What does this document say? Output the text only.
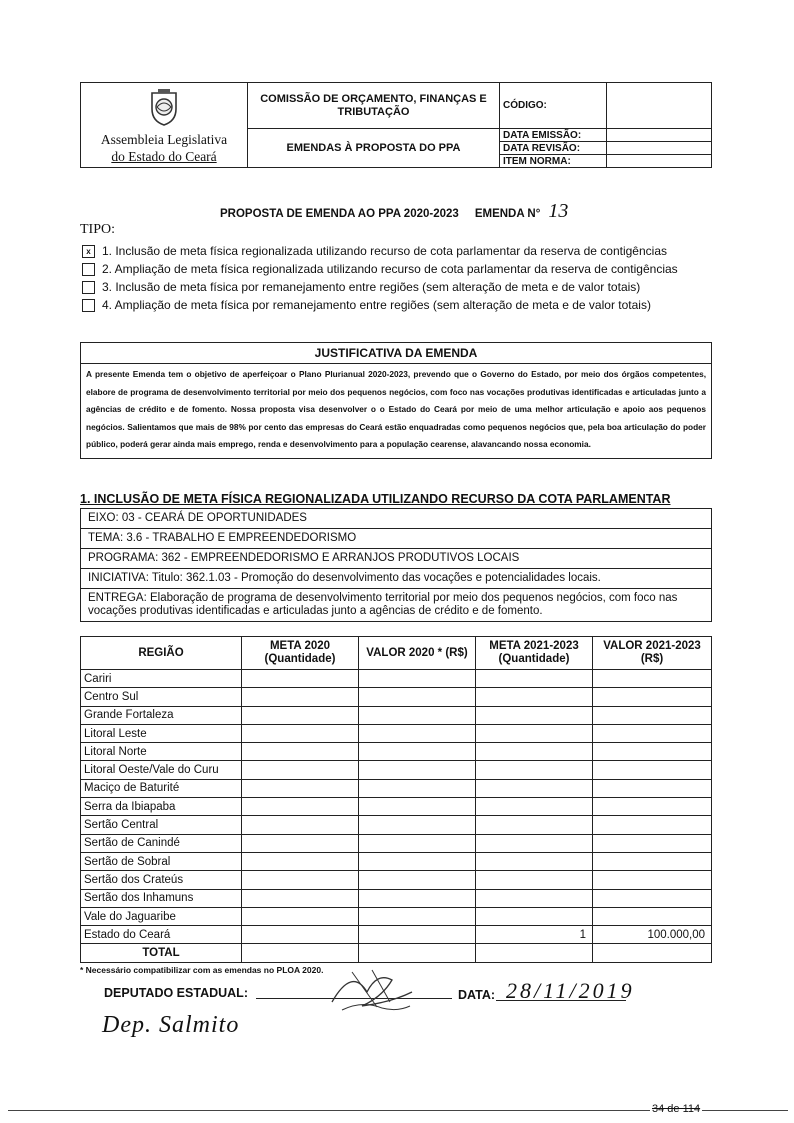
Assembleia Legislativa
do Estado do Ceará	COMISSÃO DE ORÇAMENTO, FINANÇAS E TRIBUTAÇÃO	CÓDIGO:	
	EMENDAS À PROPOSTA DO PPA	DATA EMISSÃO:	
		DATA REVISÃO:	
		ITEM NORMA:	
PROPOSTA DE EMENDA AO PPA 2020-2023 EMENDA N° 13
TIPO:
x 1. Inclusão de meta física regionalizada utilizando recurso de cota parlamentar da reserva de contigências
2. Ampliação de meta física regionalizada utilizando recurso de cota parlamentar da reserva de contigências
3. Inclusão de meta física por remanejamento entre regiões (sem alteração de meta e de valor totais)
4. Ampliação de meta física por remanejamento entre regiões (sem alteração de meta e de valor totais)
JUSTIFICATIVA DA EMENDA
A presente Emenda tem o objetivo de aperfeiçoar o Plano Plurianual 2020-2023, prevendo que o Governo do Estado, por meio dos órgãos competentes, elabore de programa de desenvolvimento territorial por meio dos pequenos negócios, com foco nas vocações produtivas identificadas e articuladas junto a agências de crédito e de fomento. Nossa proposta visa desenvolver o o Estado do Ceará por meio de uma melhor articulação e apoio aos pequenos negócios. Salientamos que mais de 98% por cento das empresas do Ceará estão enquadradas como pequenos negócios que, pela boa articulação do poder público, poderá gerar ainda mais emprego, renda e desenvolvimento para a população cearense, alavancando nossa economia.
1. INCLUSÃO DE META FÍSICA REGIONALIZADA UTILIZANDO RECURSO DA COTA PARLAMENTAR
EIXO: 03 - CEARÁ DE OPORTUNIDADES
TEMA: 3.6 - TRABALHO E EMPREENDEDORISMO
PROGRAMA: 362 - EMPREENDEDORISMO E ARRANJOS PRODUTIVOS LOCAIS
INICIATIVA: Titulo: 362.1.03 - Promoção do desenvolvimento das vocações e potencialidades locais.
ENTREGA: Elaboração de programa de desenvolvimento territorial por meio dos pequenos negócios, com foco nas vocações produtivas identificadas e articuladas junto a agências de crédito e de fomento.
REGIÃO	META 2020 (Quantidade)	VALOR 2020 * (R$)	META 2021-2023 (Quantidade)	VALOR 2021-2023 (R$)
Cariri				
Centro Sul				
Grande Fortaleza				
Litoral Leste				
Litoral Norte				
Litoral Oeste/Vale do Curu				
Maciço de Baturité				
Serra da Ibiapaba				
Sertão Central				
Sertão de Canindé				
Sertão de Sobral				
Sertão dos Crateús				
Sertão dos Inhamuns				
Vale do Jaguaribe				
Estado do Ceará			1	100.000,00
TOTAL				
* Necessário compatibilizar com as emendas no PLOA 2020.
DEPUTADO ESTADUAL:	DATA: 28/11/2019
Dep. Salmito
34 de 114
